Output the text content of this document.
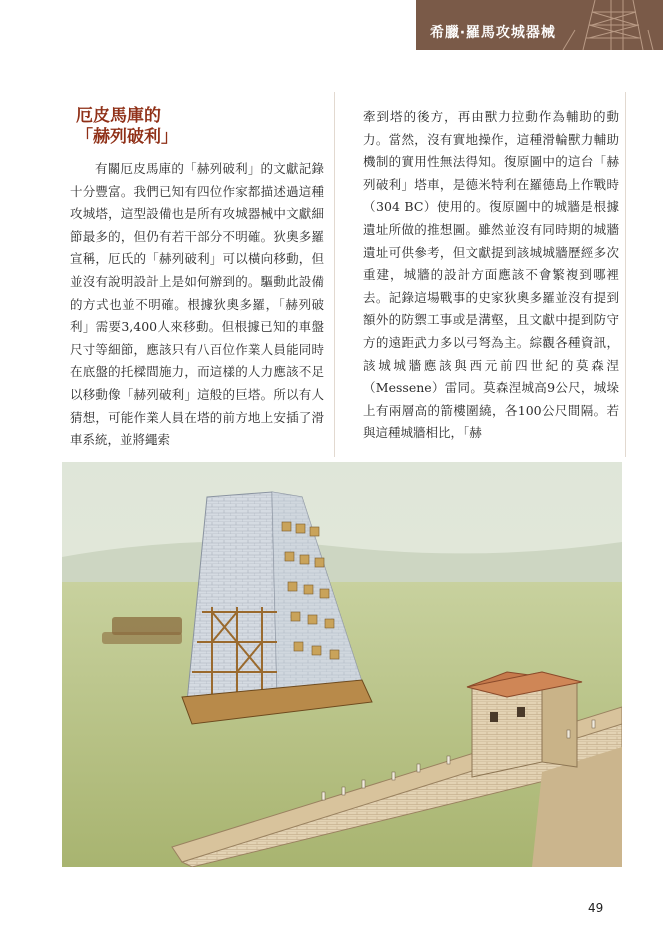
希臘‧羅馬攻城器械
厄皮馬庫的
「赫列破利」

有關厄皮馬庫的「赫列破利」的文獻記錄十分豐富。我們已知有四位作家都描述過這種攻城塔，這型設備也是所有攻城器械中文獻細節最多的，但仍有若干部分不明確。狄奧多羅宣稱，厄氏的「赫列破利」可以橫向移動，但並沒有說明設計上是如何辦到的。驅動此設備的方式也並不明確。根據狄奧多羅，「赫列破利」需要3,400人來移動。但根據已知的車盤尺寸等細節，應該只有八百位作業人員能同時在底盤的托樑間施力，而這樣的人力應該不足以移動像「赫列破利」這般的巨塔。所以有人猜想，可能作業人員在塔的前方地上安插了滑車系統，並將繩索

牽到塔的後方，再由獸力拉動作為輔助的動力。當然，沒有實地操作，這種滑輪獸力輔助機制的實用性無法得知。復原圖中的這台「赫列破利」塔車，是德米特利在羅德島上作戰時（304 BC）使用的。復原圖中的城牆是根據遺址所做的推想圖。雖然並沒有同時期的城牆遺址可供參考，但文獻提到該城城牆歷經多次重建，城牆的設計方面應該不會繁複到哪裡去。記錄這場戰事的史家狄奧多羅並沒有提到額外的防禦工事或是溝壑，且文獻中提到防守方的遠距武力多以弓弩為主。綜觀各種資訊，該城城牆應該與西元前四世紀的莫森涅（Messene）雷同。莫森涅城高9公尺，城垛上有兩層高的箭樓圍繞，各100公尺間隔。若與這種城牆相比，「赫

49
